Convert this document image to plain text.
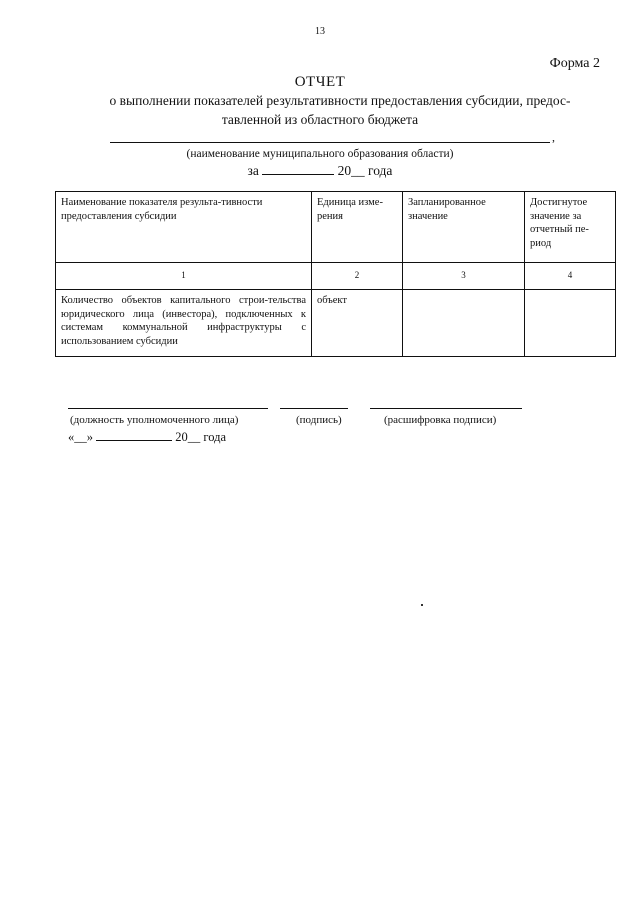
13
Форма 2
ОТЧЕТ
о выполнении показателей результативности предоставления субсидии, предос-
тавленной из областного бюджета
,
(наименование муниципального образования области)
за	20__ года
Наименование показателя результа-тивности предоставления субсидии	Единица изме-рения	Запланированное значение	Достигнутое значение за отчетный пе-риод
1	2	3	4
Количество объектов капитального строи-тельства юридического лица (инвестора), подключенных к системам коммунальной инфраструктуры с использованием субсидии	объект		
(должность уполномоченного лица)	(подпись)	(расшифровка подписи)
«__»	20__ года
